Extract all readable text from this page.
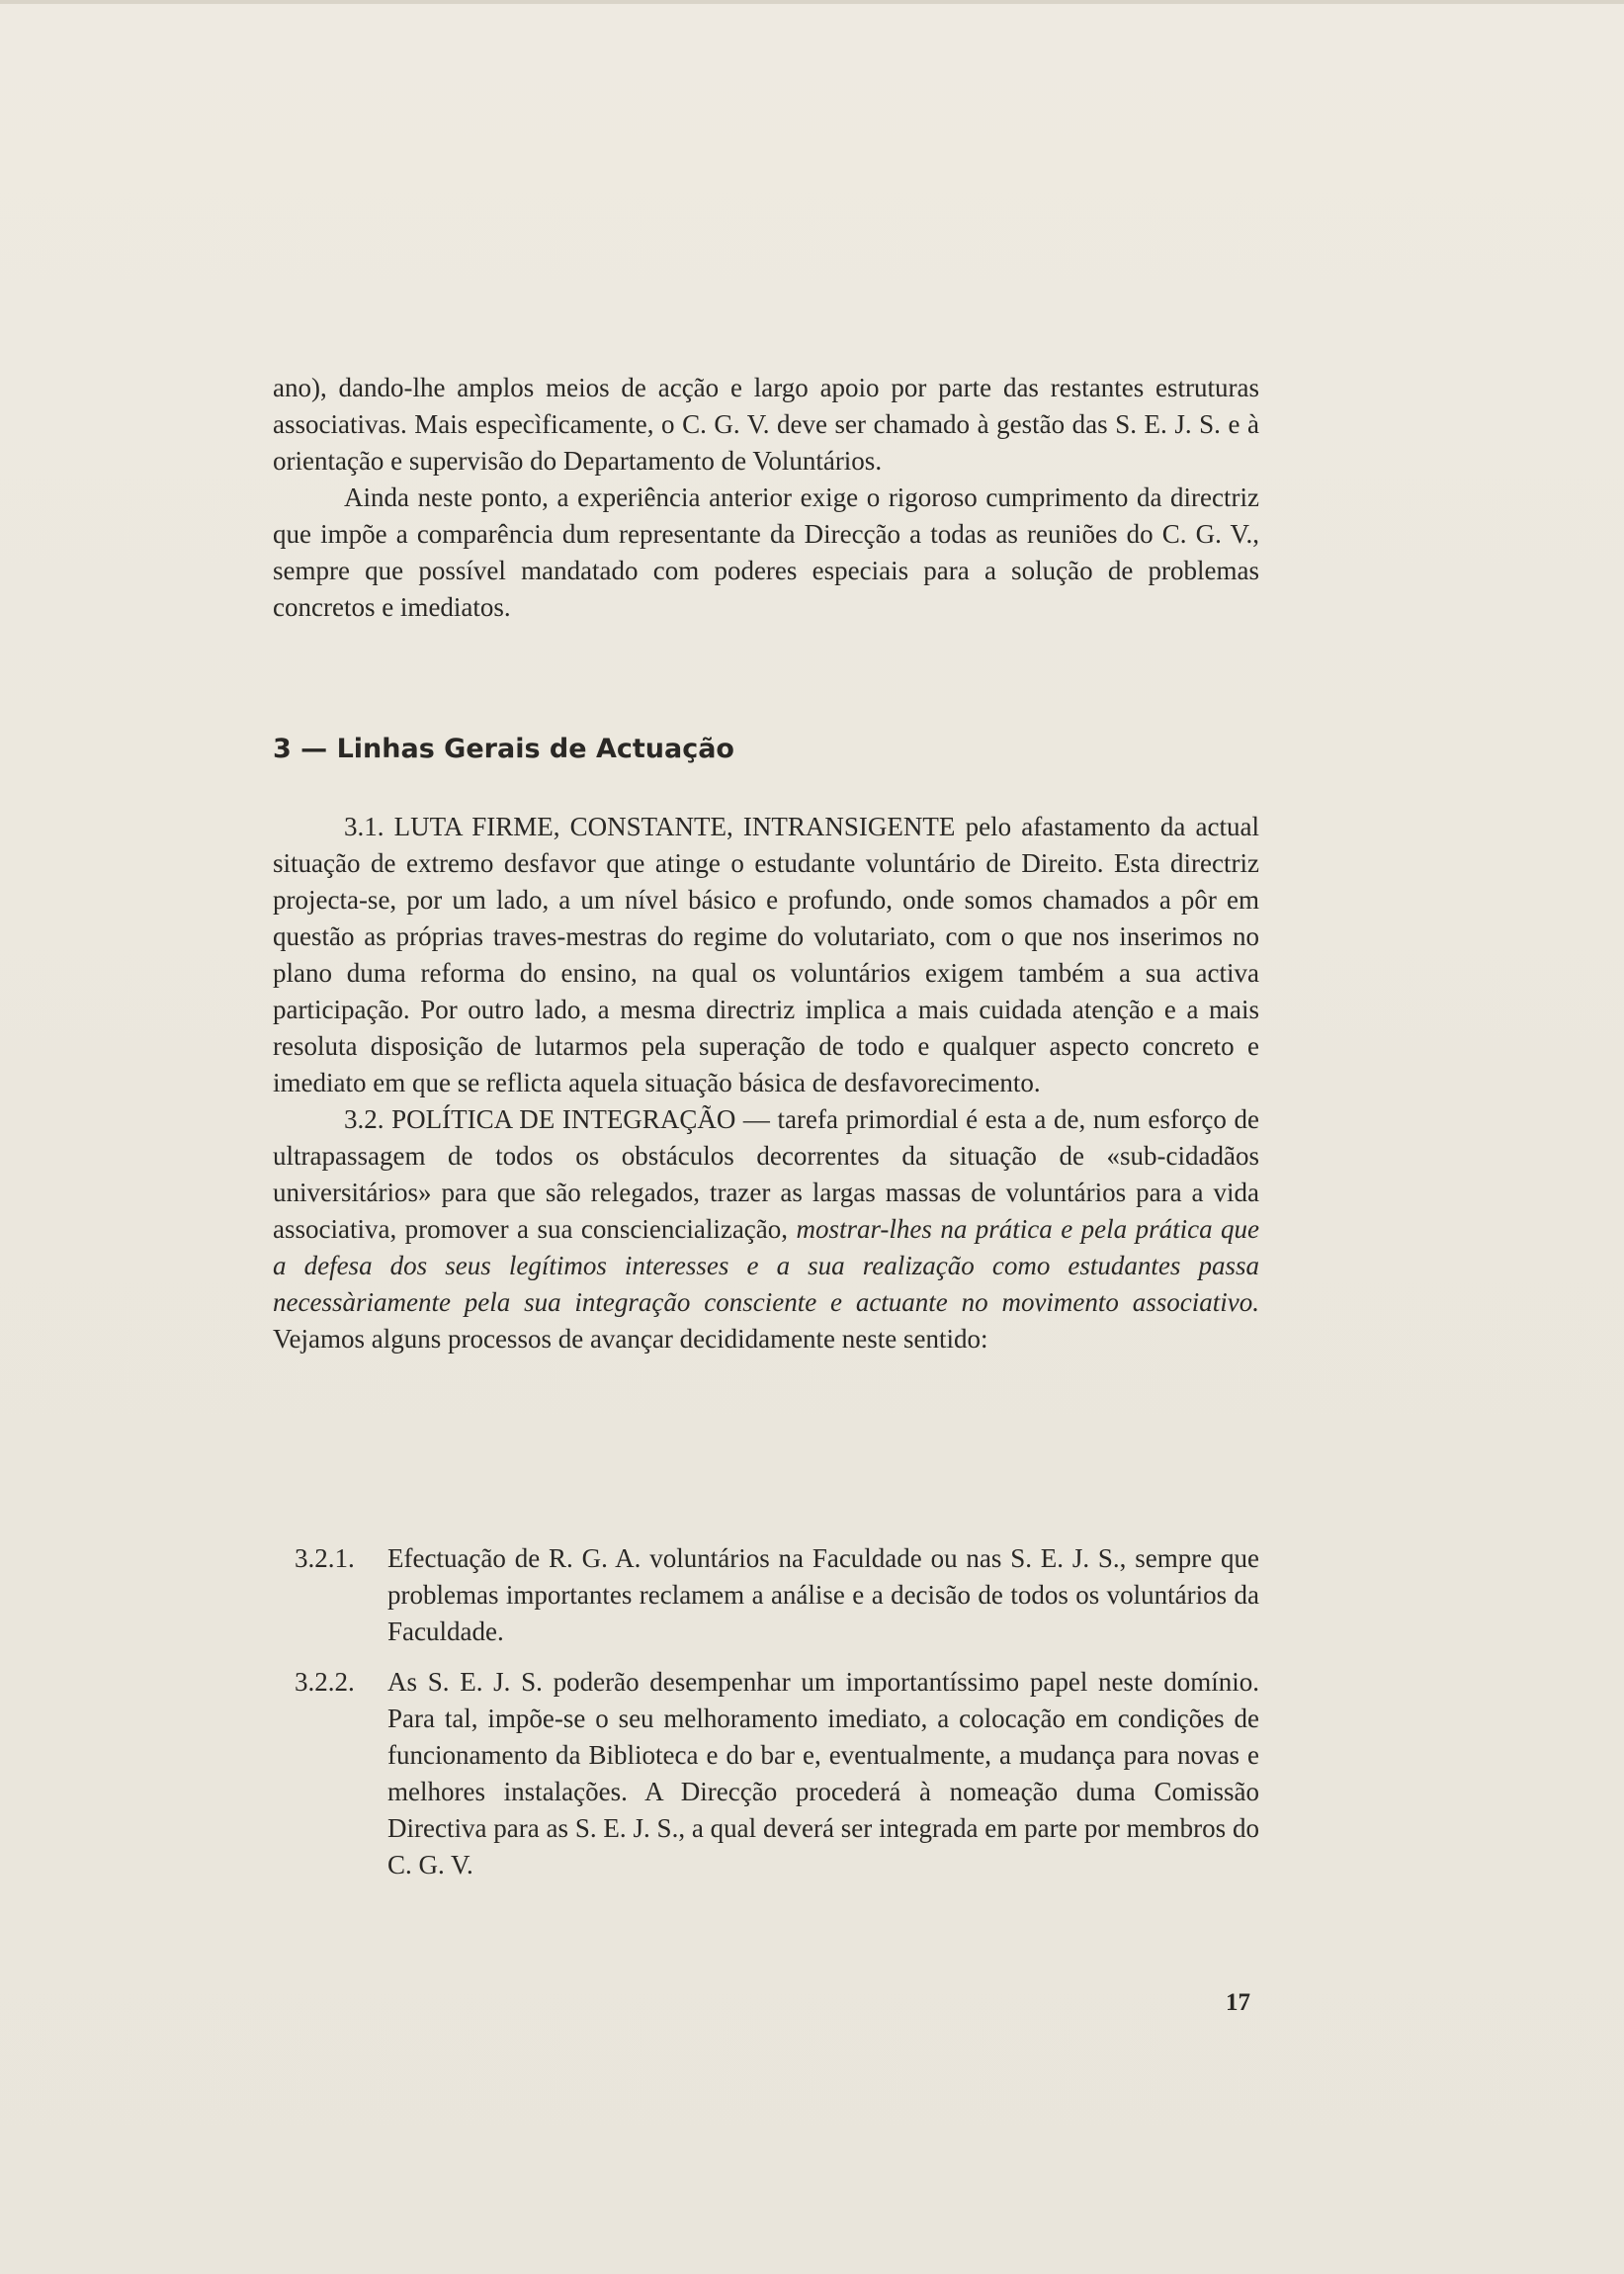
ano), dando-lhe amplos meios de acção e largo apoio por parte das restantes estruturas associativas. Mais especìficamente, o C. G. V. deve ser chamado à gestão das S. E. J. S. e à orientação e supervisão do Departamento de Voluntários.

Ainda neste ponto, a experiência anterior exige o rigoroso cumprimento da directriz que impõe a comparência dum representante da Direcção a todas as reuniões do C. G. V., sempre que possível mandatado com poderes especiais para a solução de problemas concretos e imediatos.

3 — Linhas Gerais de Actuação

3.1. LUTA FIRME, CONSTANTE, INTRANSIGENTE pelo afastamento da actual situação de extremo desfavor que atinge o estudante voluntário de Direito. Esta directriz projecta-se, por um lado, a um nível básico e profundo, onde somos chamados a pôr em questão as próprias traves-mestras do regime do volutariato, com o que nos inserimos no plano duma reforma do ensino, na qual os voluntários exigem também a sua activa participação. Por outro lado, a mesma directriz implica a mais cuidada atenção e a mais resoluta disposição de lutarmos pela superação de todo e qualquer aspecto concreto e imediato em que se reflicta aquela situação básica de desfavorecimento.

3.2. POLÍTICA DE INTEGRAÇÃO — tarefa primordial é esta a de, num esforço de ultrapassagem de todos os obstáculos decorrentes da situação de «sub-cidadãos universitários» para que são relegados, trazer as largas massas de voluntários para a vida associativa, promover a sua consciencialização, mostrar-lhes na prática e pela prática que a defesa dos seus legítimos interesses e a sua realização como estudantes passa necessàriamente pela sua integração consciente e actuante no movimento associativo. Vejamos alguns processos de avançar decididamente neste sentido:

3.2.1.	Efectuação de R. G. A. voluntários na Faculdade ou nas S. E. J. S., sempre que problemas importantes reclamem a análise e a decisão de todos os voluntários da Faculdade.
3.2.2.	As S. E. J. S. poderão desempenhar um importantíssimo papel neste domínio. Para tal, impõe-se o seu melhoramento imediato, a colocação em condições de funcionamento da Biblioteca e do bar e, eventualmente, a mudança para novas e melhores instalações. A Direcção procederá à nomeação duma Comissão Directiva para as S. E. J. S., a qual deverá ser integrada em parte por membros do C. G. V.
17
